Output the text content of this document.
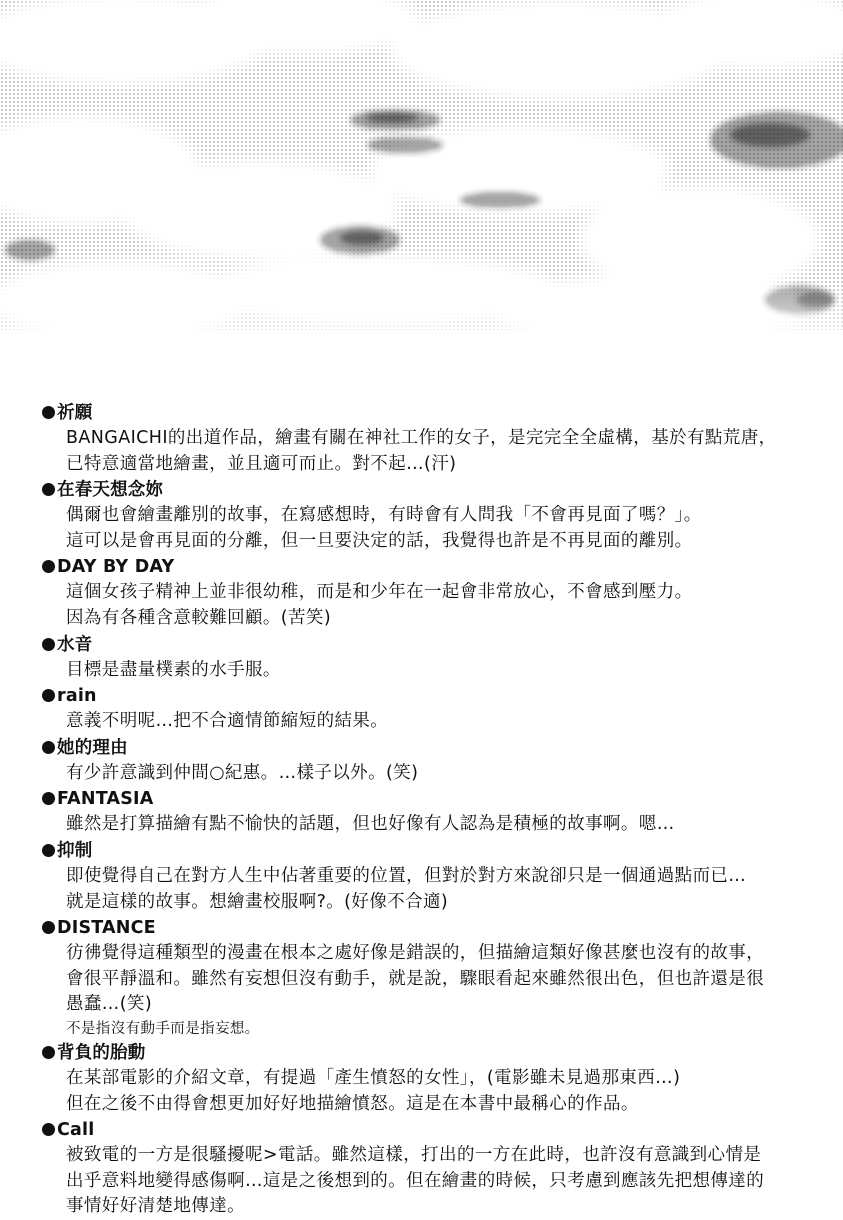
祈願
BANGAICHI的出道作品，繪畫有關在神社工作的女子，是完完全全虛構，基於有點荒唐，
已特意適當地繪畫，並且適可而止。對不起…(汗)
在春天想念妳
偶爾也會繪畫離別的故事，在寫感想時，有時會有人問我「不會再見面了嗎？」。
這可以是會再見面的分離，但一旦要決定的話，我覺得也許是不再見面的離別。
DAY BY DAY
這個女孩子精神上並非很幼稚，而是和少年在一起會非常放心，不會感到壓力。
因為有各種含意較難回顧。(苦笑)
水音
目標是盡量樸素的水手服。
rain
意義不明呢…把不合適情節縮短的結果。
她的理由
有少許意識到仲間○紀惠。…樣子以外。(笑)
FANTASIA
雖然是打算描繪有點不愉快的話題，但也好像有人認為是積極的故事啊。嗯…
抑制
即使覺得自己在對方人生中佔著重要的位置，但對於對方來說卻只是一個通過點而已…
就是這樣的故事。想繪畫校服啊?。(好像不合適)
DISTANCE
彷彿覺得這種類型的漫畫在根本之處好像是錯誤的，但描繪這類好像甚麼也沒有的故事，
會很平靜溫和。雖然有妄想但沒有動手，就是說，驟眼看起來雖然很出色，但也許還是很
愚蠢…(笑)
不是指沒有動手而是指妄想。
背負的胎動
在某部電影的介紹文章，有提過「產生憤怒的女性」，(電影雖未見過那東西…)
但在之後不由得會想更加好好地描繪憤怒。這是在本書中最稱心的作品。
Call
被致電的一方是很騷擾呢>電話。雖然這樣，打出的一方在此時，也許沒有意識到心情是
出乎意料地變得感傷啊…這是之後想到的。但在繪畫的時候，只考慮到應該先把想傳達的
事情好好清楚地傳達。
